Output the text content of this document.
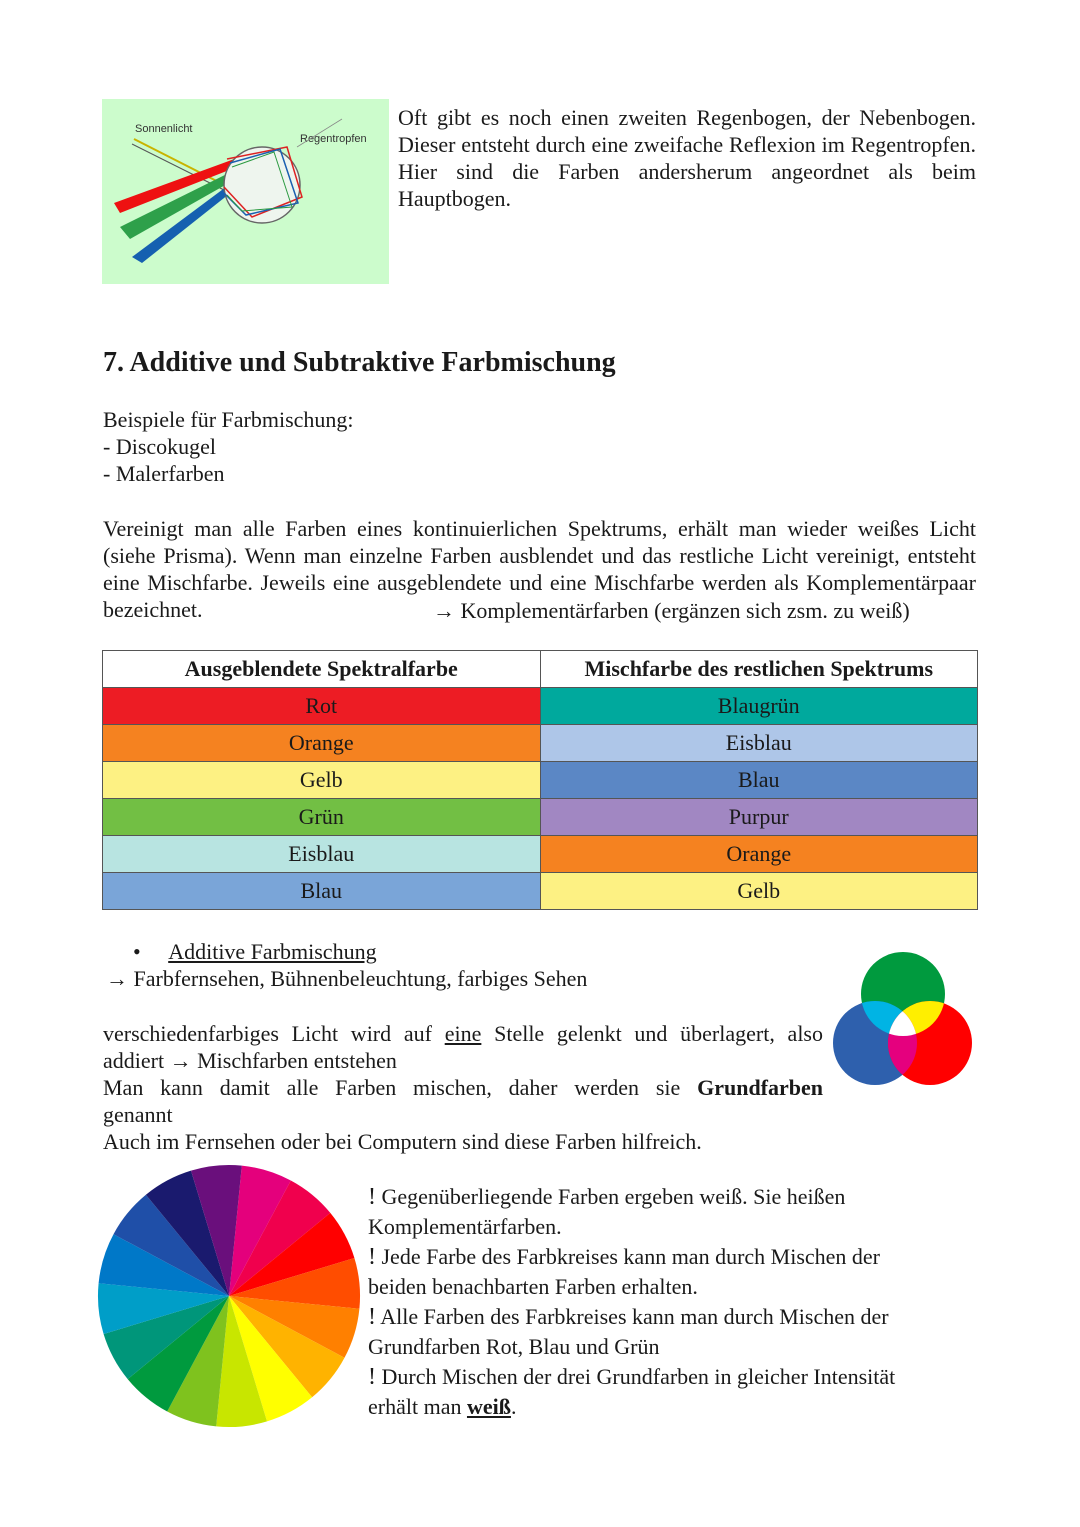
Sonnenlicht
Regentropfen
Oft gibt es noch einen zweiten Regenbogen, der Nebenbogen. Dieser entsteht durch eine zweifache Reflexion im Regentropfen. Hier sind die Farben andersherum angeordnet als beim Hauptbogen.
7. Additive und Subtraktive Farbmischung
Beispiele für Farbmischung:
- Discokugel
- Malerfarben
Vereinigt man alle Farben eines kontinuierlichen Spektrums, erhält man wieder weißes Licht (siehe Prisma). Wenn man einzelne Farben ausblendet und das restliche Licht vereinigt, entsteht eine Mischfarbe. Jeweils eine ausgeblendete und eine Mischfarbe werden als Komplementärpaar bezeichnet.	→ Komplementärfarben (ergänzen sich zsm. zu weiß)
Ausgeblendete Spektralfarbe	Mischfarbe des restlichen Spektrums
Rot	Blaugrün
Orange	Eisblau
Gelb	Blau
Grün	Purpur
Eisblau	Orange
Blau	Gelb
• Additive Farbmischung
→ Farbfernsehen, Bühnenbeleuchtung, farbiges Sehen
verschiedenfarbiges Licht wird auf eine Stelle gelenkt und überlagert, also
addiert → Mischfarben entstehen
Man kann damit alle Farben mischen, daher werden sie Grundfarben
genannt
Auch im Fernsehen oder bei Computern sind diese Farben hilfreich.
! Gegenüberliegende Farben ergeben weiß. Sie heißen
Komplementärfarben.
! Jede Farbe des Farbkreises kann man durch Mischen der
beiden benachbarten Farben erhalten.
! Alle Farben des Farbkreises kann man durch Mischen der
Grundfarben Rot, Blau und Grün
! Durch Mischen der drei Grundfarben in gleicher Intensität
erhält man weiß.
